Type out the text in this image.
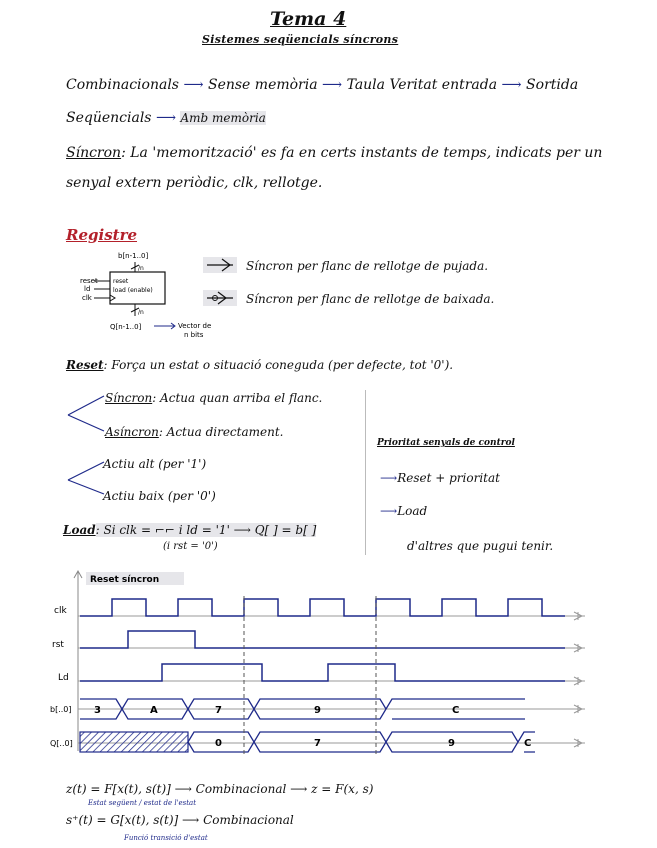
Tema 4
Sistemes seqüencials síncrons
Combinacionals ⟶ Sense memòria ⟶ Taula Veritat entrada ⟶ Sortida
Seqüencials ⟶ Amb memòria
Síncron: La 'memorització' es fa en certs instants de temps, indicats per un
senyal extern periòdic, clk, rellotge.
Registre
b[n-1..0]
/n
reset
ld
clk
reset
load (enable)
/n
Q[n-1..0]	Vector de
n bits
Síncron per flanc de rellotge de pujada.
Síncron per flanc de rellotge de baixada.
Reset: Força un estat o situació coneguda (per defecte, tot '0').
Síncron: Actua quan arriba el flanc.
Asíncron: Actua directament.
Actiu alt (per '1')
Actiu baix (per '0')
Load: Si clk = ⌐⌐ i ld = '1' ⟶ Q[ ] = b[ ]
(i rst = '0')
Prioritat senyals de control
⟶Reset + prioritat
⟶Load
d'altres que pugui tenir.
Reset síncron
clk
rst
Ld
b[..0]
Q[..0]
3	A	7	9	C
0	7	9	C
z(t) = F[x(t), s(t)] ⟶ Combinacional ⟶ z = F(x, s)
Estat següent / estat de l'estat
s⁺(t) = G[x(t), s(t)] ⟶ Combinacional
Funció transició d'estat
